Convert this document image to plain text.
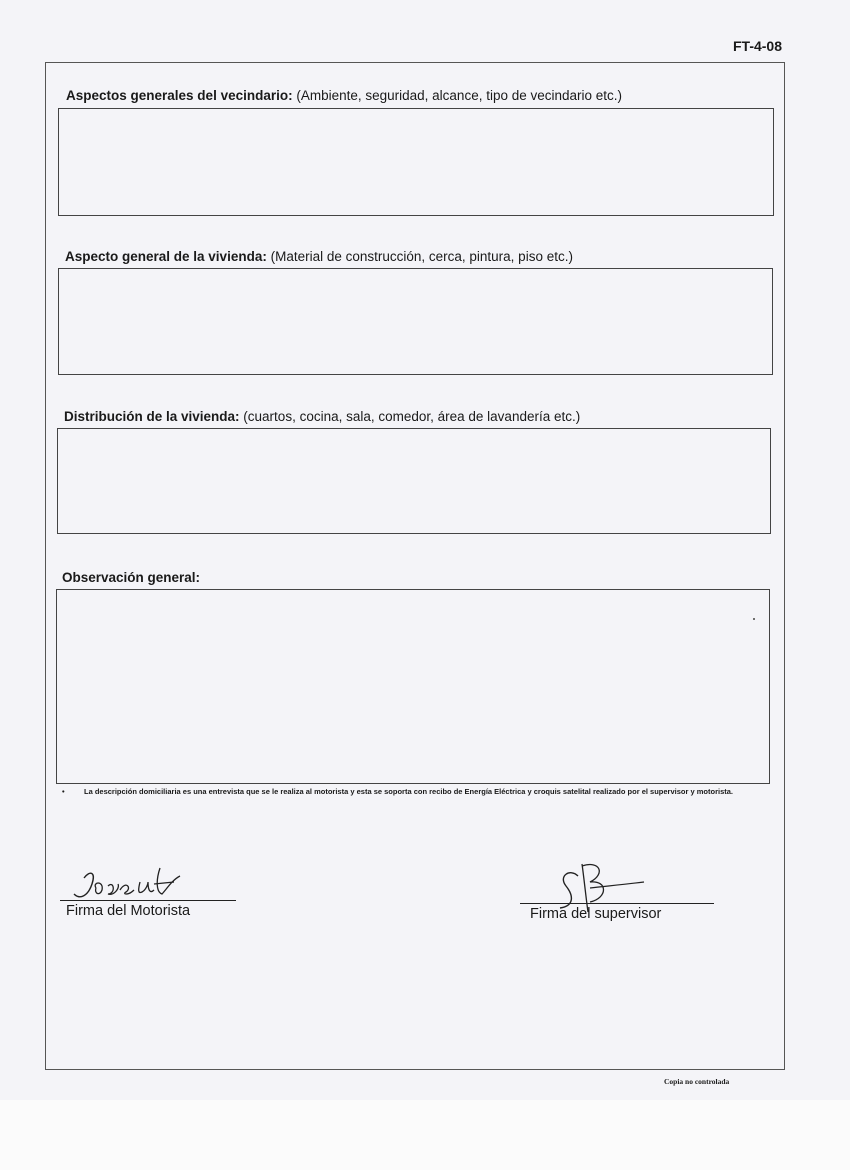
FT-4-08
Aspectos generales del vecindario: (Ambiente, seguridad, alcance, tipo de vecindario etc.)
Aspecto general de la vivienda: (Material de construcción, cerca, pintura, piso etc.)
Distribución de la vivienda: (cuartos, cocina, sala, comedor, área de lavandería etc.)
Observación general:
•	La descripción domiciliaria es una entrevista que se le realiza al motorista y esta se soporta con recibo de Energía Eléctrica y croquis satelital realizado por el supervisor y motorista.
Firma del Motorista	Firma del supervisor
Copia no controlada
